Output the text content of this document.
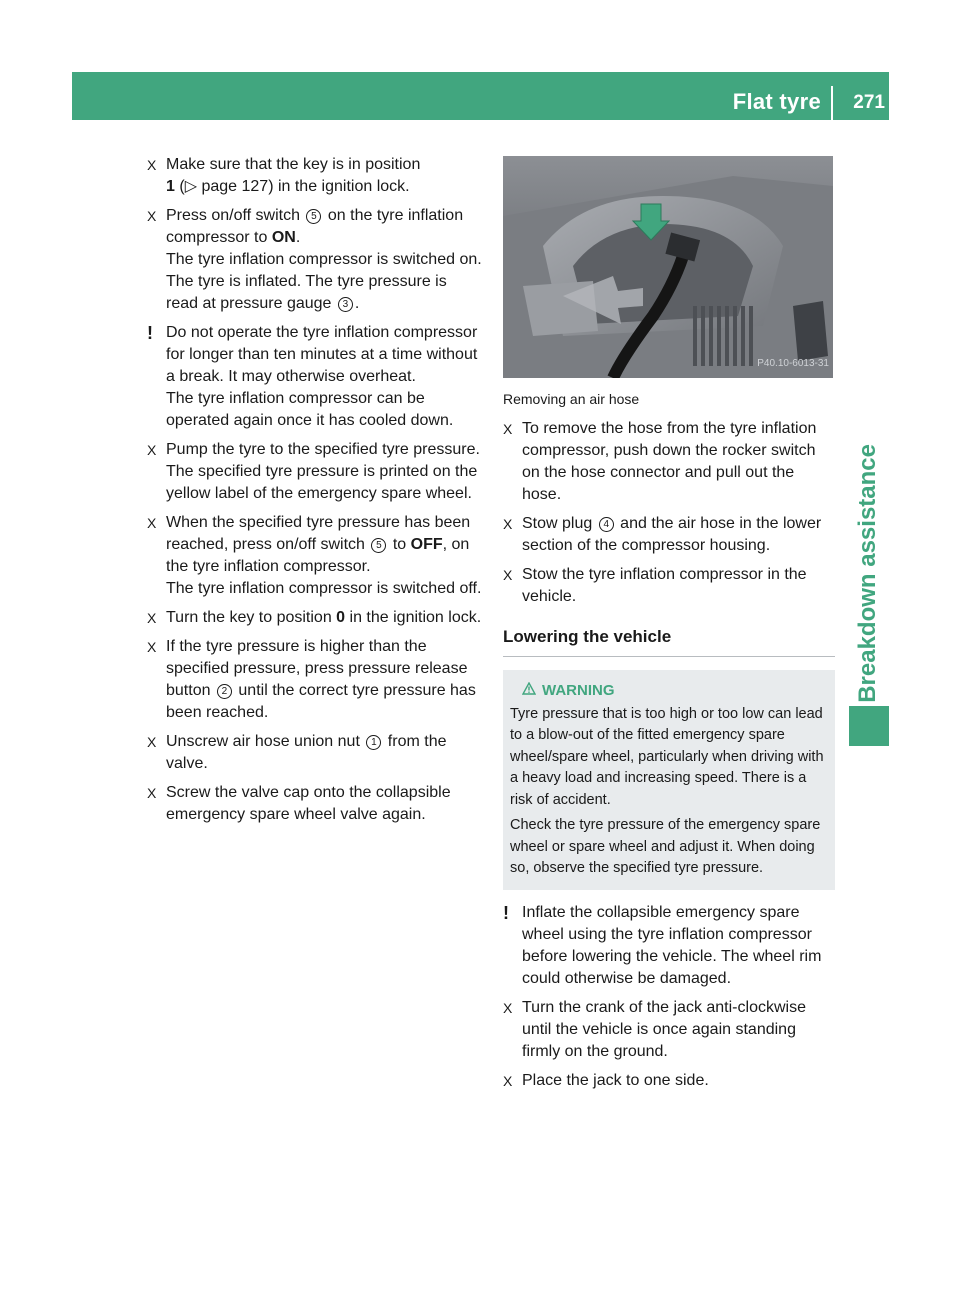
Flat tyre 271
Breakdown assistance
X Make sure that the key is in position
1 (▷ page 127) in the ignition lock.
X Press on/off switch 5 on the tyre inflation compressor to ON.
The tyre inflation compressor is switched on. The tyre is inflated. The tyre pressure is read at pressure gauge 3 .
! Do not operate the tyre inflation compressor for longer than ten minutes at a time without a break. It may otherwise overheat.
The tyre inflation compressor can be operated again once it has cooled down.
X Pump the tyre to the specified tyre pressure.
The specified tyre pressure is printed on the yellow label of the emergency spare wheel.
X When the specified tyre pressure has been reached, press on/off switch 5 to OFF, on the tyre inflation compressor.
The tyre inflation compressor is switched off.
X Turn the key to position 0 in the ignition lock.
X If the tyre pressure is higher than the specified pressure, press pressure release button 2 until the correct tyre pressure has been reached.
X Unscrew air hose union nut 1 from the valve.
X Screw the valve cap onto the collapsible emergency spare wheel valve again.
P40.10-6013-31
Removing an air hose
X To remove the hose from the tyre inflation compressor, push down the rocker switch on the hose connector and pull out the hose.
X Stow plug 4 and the air hose in the lower section of the compressor housing.
X Stow the tyre inflation compressor in the vehicle.
Lowering the vehicle
WARNING

Tyre pressure that is too high or too low can lead to a blow-out of the fitted emergency spare wheel/spare wheel, particularly when driving with a heavy load and increasing speed. There is a risk of accident.

Check the tyre pressure of the emergency spare wheel or spare wheel and adjust it. When doing so, observe the specified tyre pressure.

! Inflate the collapsible emergency spare wheel using the tyre inflation compressor before lowering the vehicle. The wheel rim could otherwise be damaged.
X Turn the crank of the jack anti-clockwise until the vehicle is once again standing firmly on the ground.
X Place the jack to one side.
